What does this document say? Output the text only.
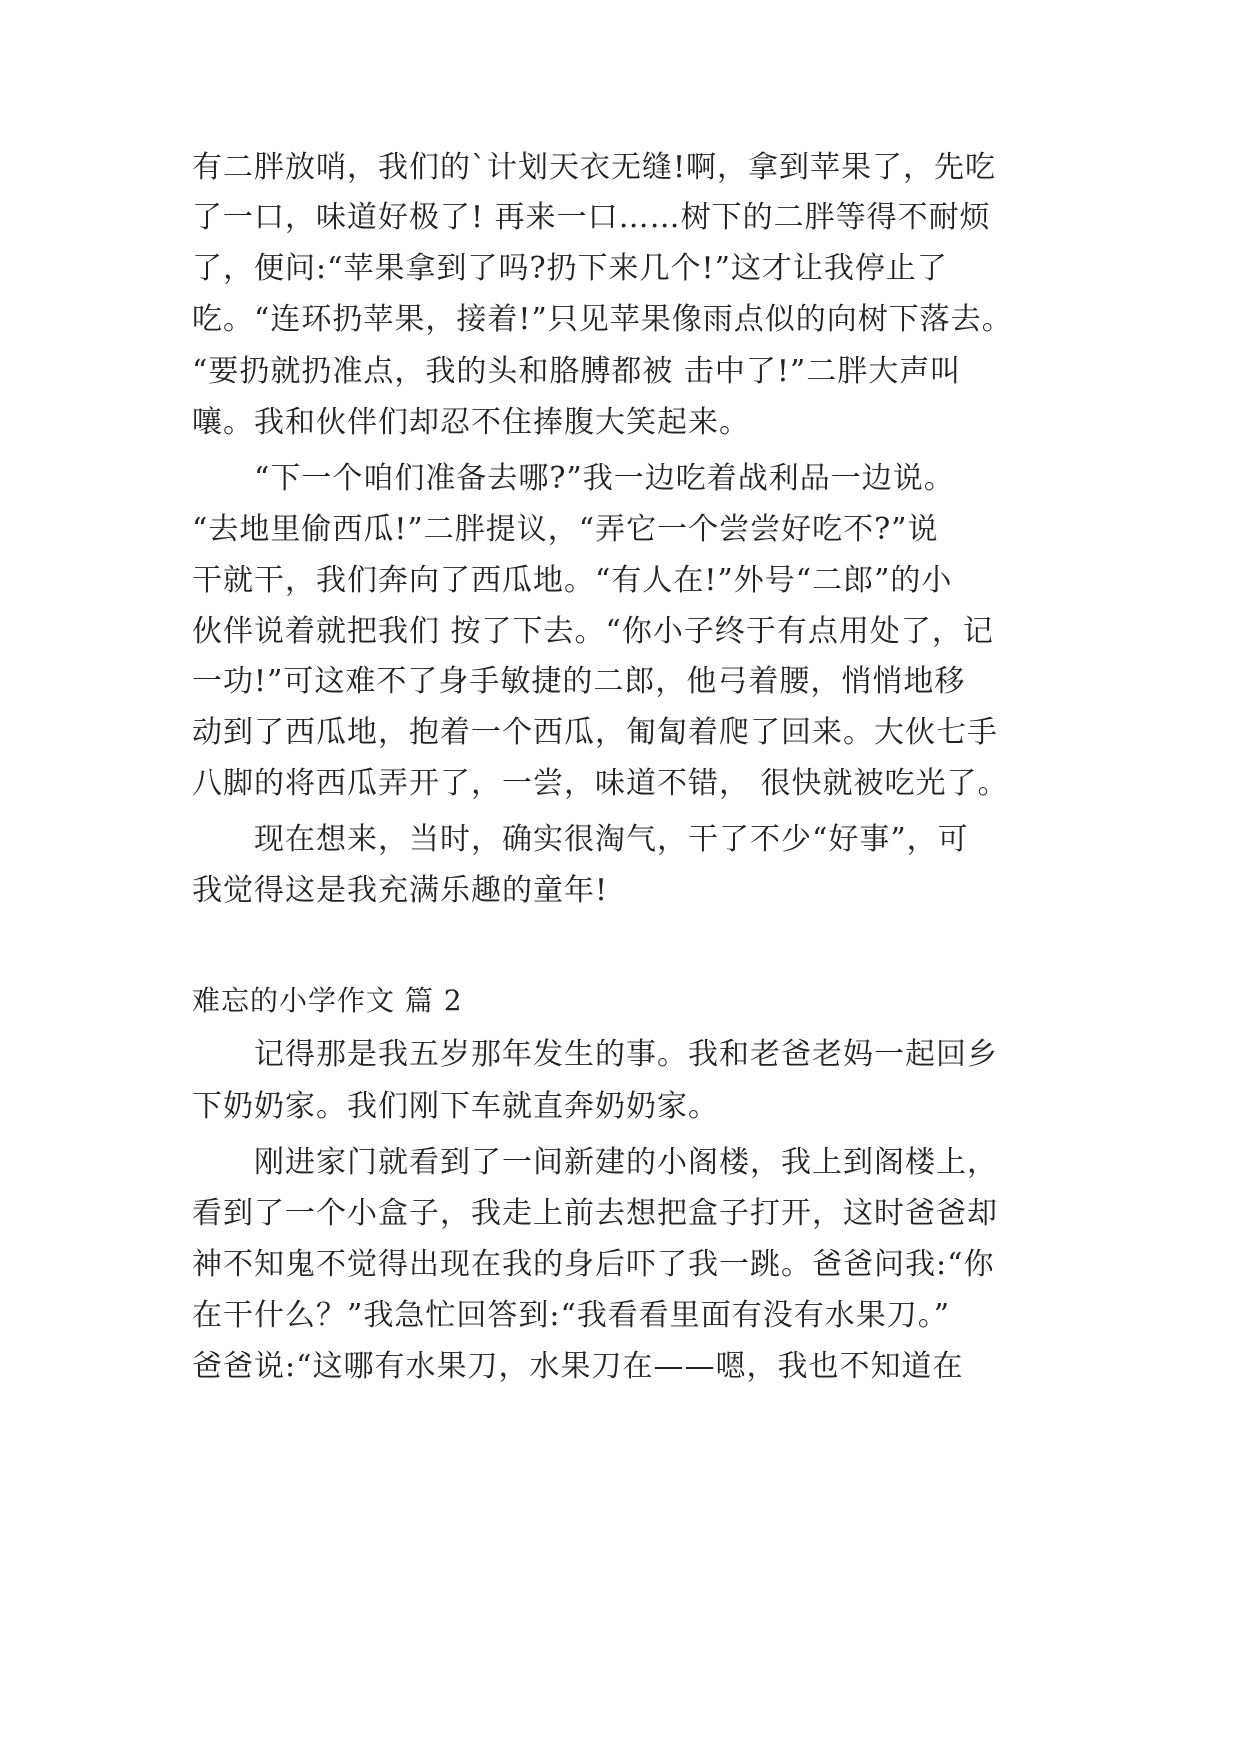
有二胖放哨，我们的`计划天衣无缝!啊，拿到苹果了，先吃
了一口，味道好极了! 再来一口……树下的二胖等得不耐烦
了，便问:“苹果拿到了吗?扔下来几个!”这才让我停止了
吃。“连环扔苹果，接着!”只见苹果像雨点似的向树下落去。
“要扔就扔准点，我的头和胳膊都被 击中了!”二胖大声叫
嚷。我和伙伴们却忍不住捧腹大笑起来。
　　“下一个咱们准备去哪?”我一边吃着战利品一边说。
“去地里偷西瓜!”二胖提议，“弄它一个尝尝好吃不?”说
干就干，我们奔向了西瓜地。“有人在!”外号“二郎”的小
伙伴说着就把我们 按了下去。“你小子终于有点用处了，记
一功!”可这难不了身手敏捷的二郎，他弓着腰，悄悄地移
动到了西瓜地，抱着一个西瓜，匍匐着爬了回来。大伙七手
八脚的将西瓜弄开了，一尝，味道不错， 很快就被吃光了。
　　现在想来，当时，确实很淘气，干了不少“好事”，可
我觉得这是我充满乐趣的童年!
难忘的小学作文 篇 2
　　记得那是我五岁那年发生的事。我和老爸老妈一起回乡
下奶奶家。我们刚下车就直奔奶奶家。
　　刚进家门就看到了一间新建的小阁楼，我上到阁楼上，
看到了一个小盒子，我走上前去想把盒子打开，这时爸爸却
神不知鬼不觉得出现在我的身后吓了我一跳。爸爸问我:“你
在干什么？”我急忙回答到:“我看看里面有没有水果刀。”
爸爸说:“这哪有水果刀，水果刀在——嗯，我也不知道在
